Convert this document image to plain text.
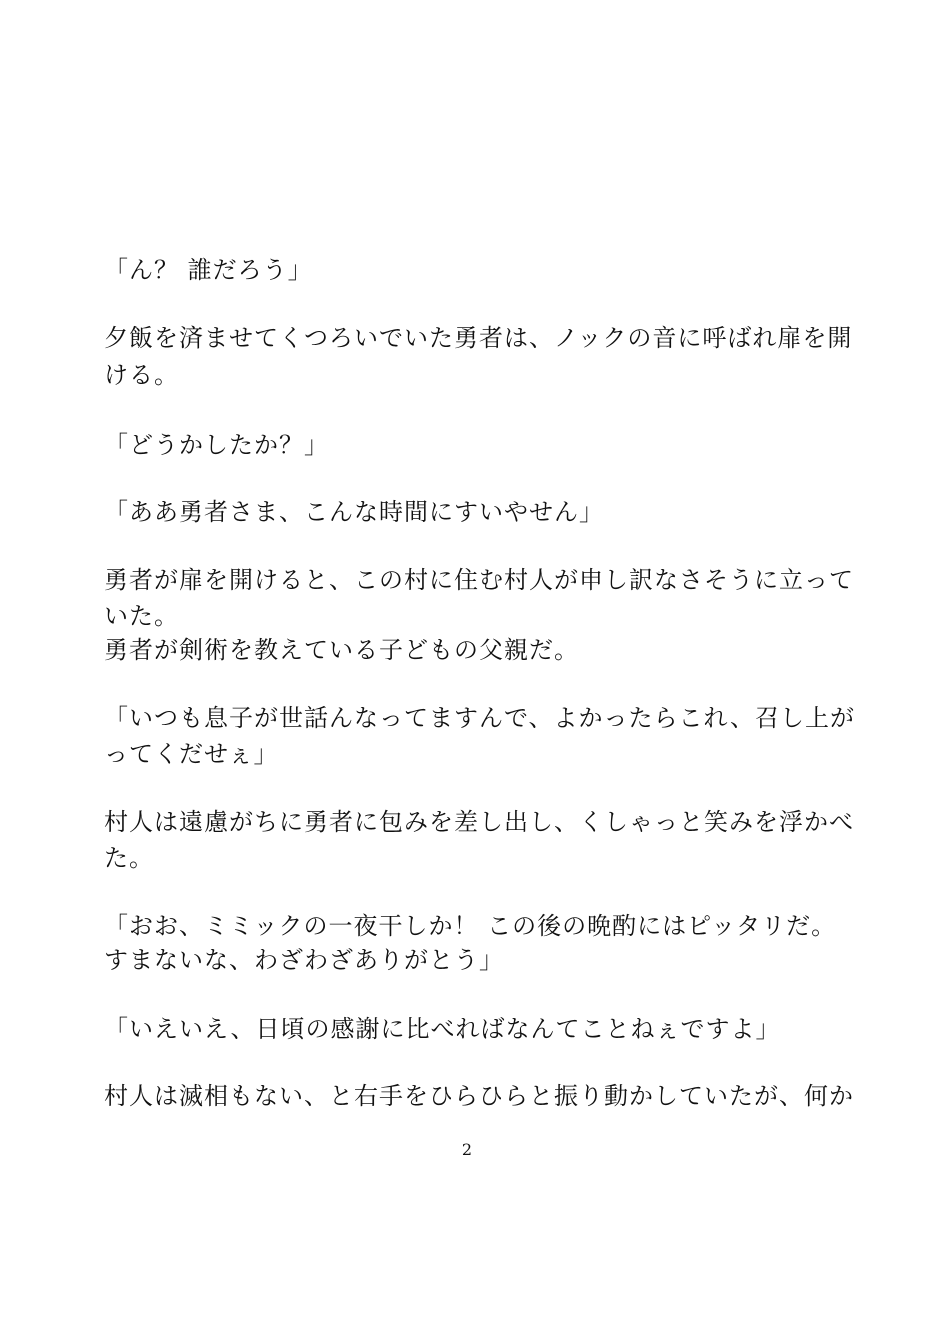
「ん？ 誰だろう」
夕飯を済ませてくつろいでいた勇者は、ノックの音に呼ばれ扉を開
ける。
「どうかしたか？」
「ああ勇者さま、こんな時間にすいやせん」
勇者が扉を開けると、この村に住む村人が申し訳なさそうに立って
いた。
勇者が剣術を教えている子どもの父親だ。
「いつも息子が世話んなってますんで、よかったらこれ、召し上が
ってくだせぇ」
村人は遠慮がちに勇者に包みを差し出し、くしゃっと笑みを浮かべ
た。
「おお、ミミックの一夜干しか！ この後の晩酌にはピッタリだ。
すまないな、わざわざありがとう」
「いえいえ、日頃の感謝に比べればなんてことねぇですよ」
村人は滅相もない、と右手をひらひらと振り動かしていたが、何か
2
